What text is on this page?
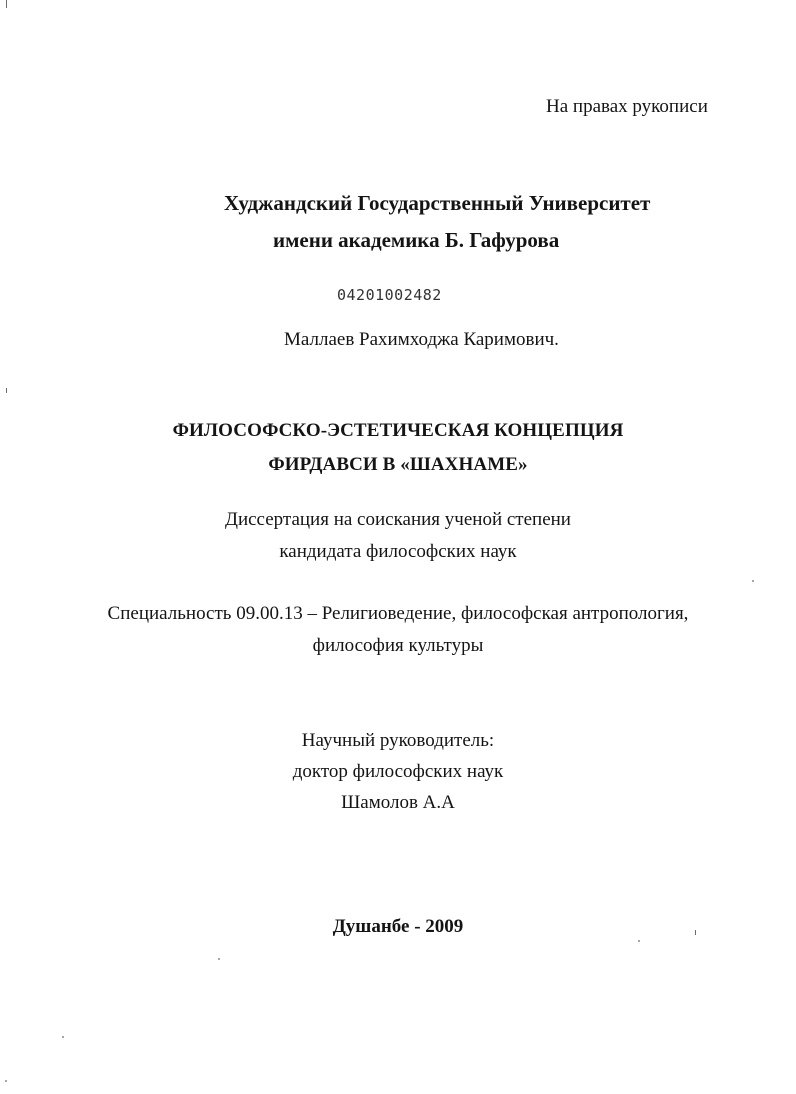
На правах рукописи
Худжандский Государственный Университет
имени академика Б. Гафурова
04201002482
Маллаев Рахимходжа Каримович.
ФИЛОСОФСКО-ЭСТЕТИЧЕСКАЯ КОНЦЕПЦИЯ
ФИРДАВСИ В «ШАХНАМЕ»
Диссертация на соискания ученой степени
кандидата философских наук
Специальность 09.00.13 – Религиоведение, философская антропология,
философия культуры
Научный руководитель:
доктор философских наук
Шамолов А.А
Душанбе - 2009
